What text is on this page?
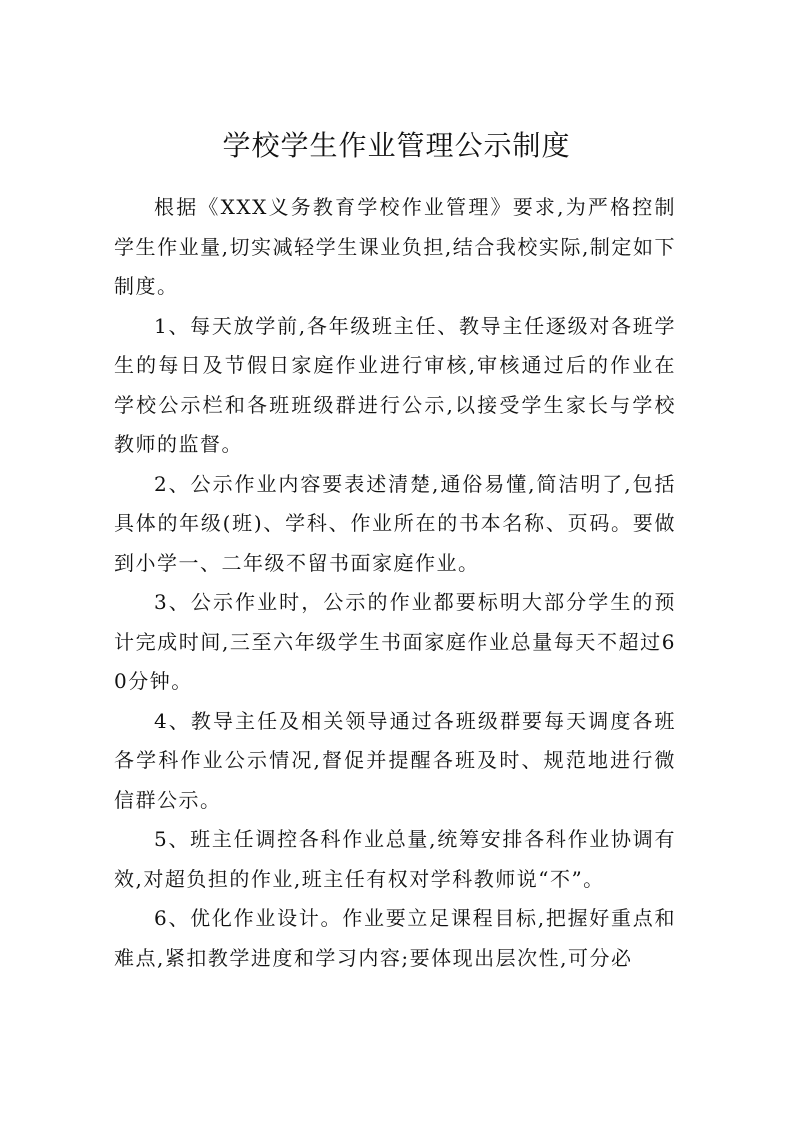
学校学生作业管理公示制度

根据《XXX义务教育学校作业管理》要求,为严格控制学生作业量,切实减轻学生课业负担,结合我校实际,制定如下制度。

1、每天放学前,各年级班主任、教导主任逐级对各班学生的每日及节假日家庭作业进行审核,审核通过后的作业在学校公示栏和各班班级群进行公示,以接受学生家长与学校教师的监督。

2、公示作业内容要表述清楚,通俗易懂,简洁明了,包括具体的年级(班)、学科、作业所在的书本名称、页码。要做到小学一、二年级不留书面家庭作业。

3、公示作业时，公示的作业都要标明大部分学生的预计完成时间,三至六年级学生书面家庭作业总量每天不超过60分钟。

4、教导主任及相关领导通过各班级群要每天调度各班各学科作业公示情况,督促并提醒各班及时、规范地进行微信群公示。

5、班主任调控各科作业总量,统筹安排各科作业协调有效,对超负担的作业,班主任有权对学科教师说“不”。

6、优化作业设计。作业要立足课程目标,把握好重点和难点,紧扣教学进度和学习内容;要体现出层次性,可分必
